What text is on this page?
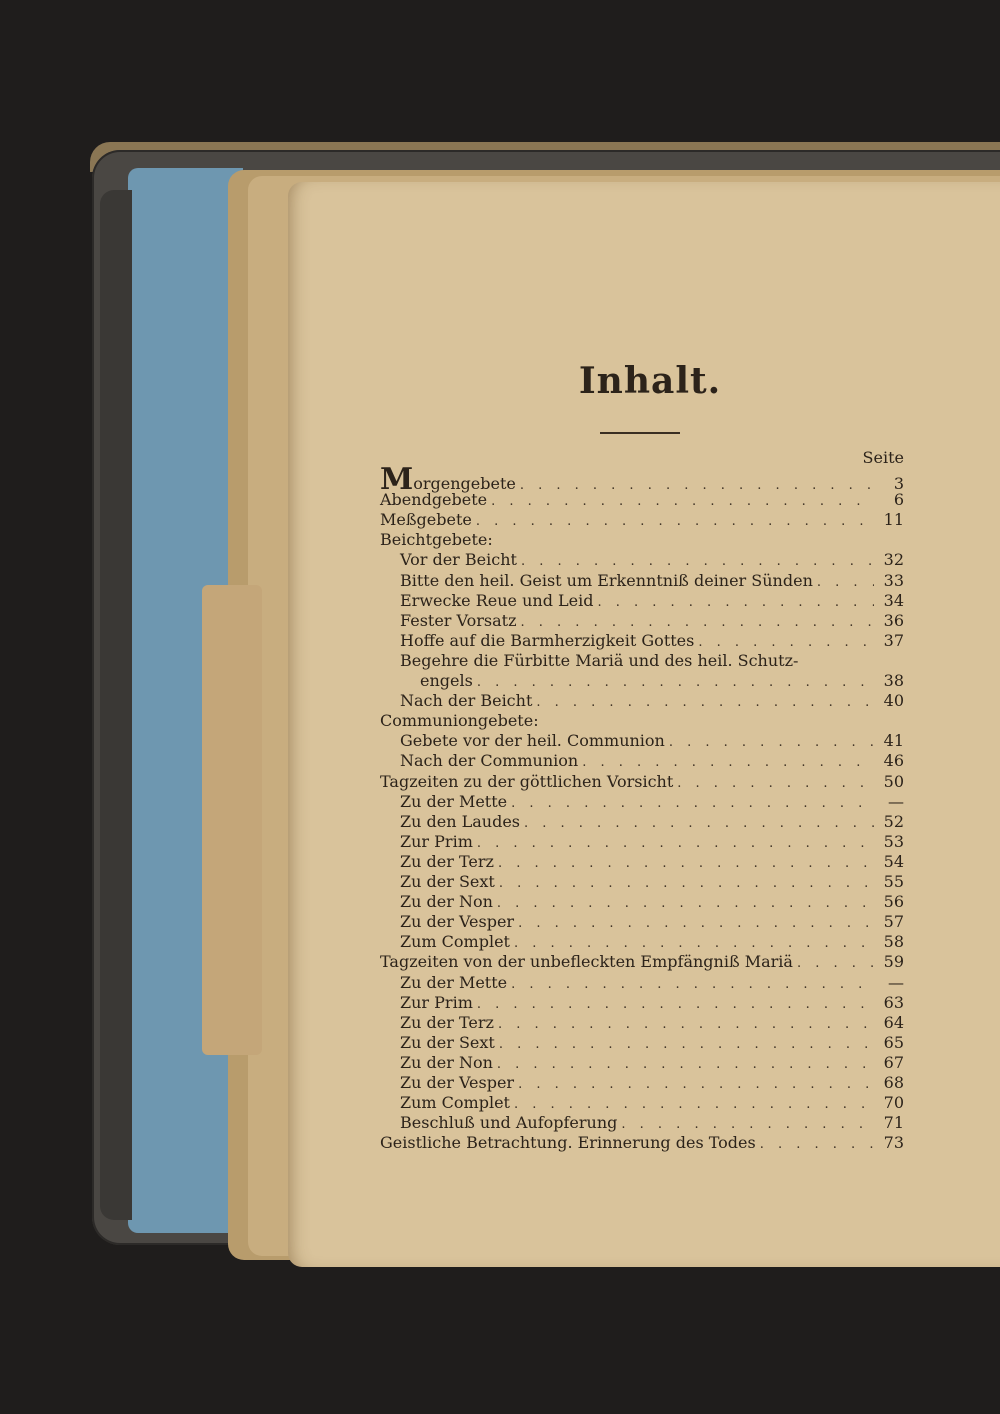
Inhalt.
Seite
Morgengebete . . .	3
Abendgebete . . .	6
Meßgebete . . .	11
Beichtgebete:
Vor der Beicht . . .	32
Bitte den heil. Geist um Erkenntniß deiner Sünden . . .	33
Erwecke Reue und Leid . . .	34
Fester Vorsatz . . .	36
Hoffe auf die Barmherzigkeit Gottes . . .	37
Begehre die Fürbitte Mariä und des heil. Schutz-
engels . . .	38
Nach der Beicht . . .	40
Communiongebete:
Gebete vor der heil. Communion . . .	41
Nach der Communion . . .	46
Tagzeiten zu der göttlichen Vorsicht . . .	50
Zu der Mette . . .	—
Zu den Laudes . . .	52
Zur Prim . . .	53
Zu der Terz . . .	54
Zu der Sext . . .	55
Zu der Non . . .	56
Zu der Vesper . . .	57
Zum Complet . . .	58
Tagzeiten von der unbefleckten Empfängniß Mariä . . .	59
Zu der Mette . . .	—
Zur Prim . . .	63
Zu der Terz . . .	64
Zu der Sext . . .	65
Zu der Non . . .	67
Zu der Vesper . . .	68
Zum Complet . . .	70
Beschluß und Aufopferung . . .	71
Geistliche Betrachtung. Erinnerung des Todes . . .	73
